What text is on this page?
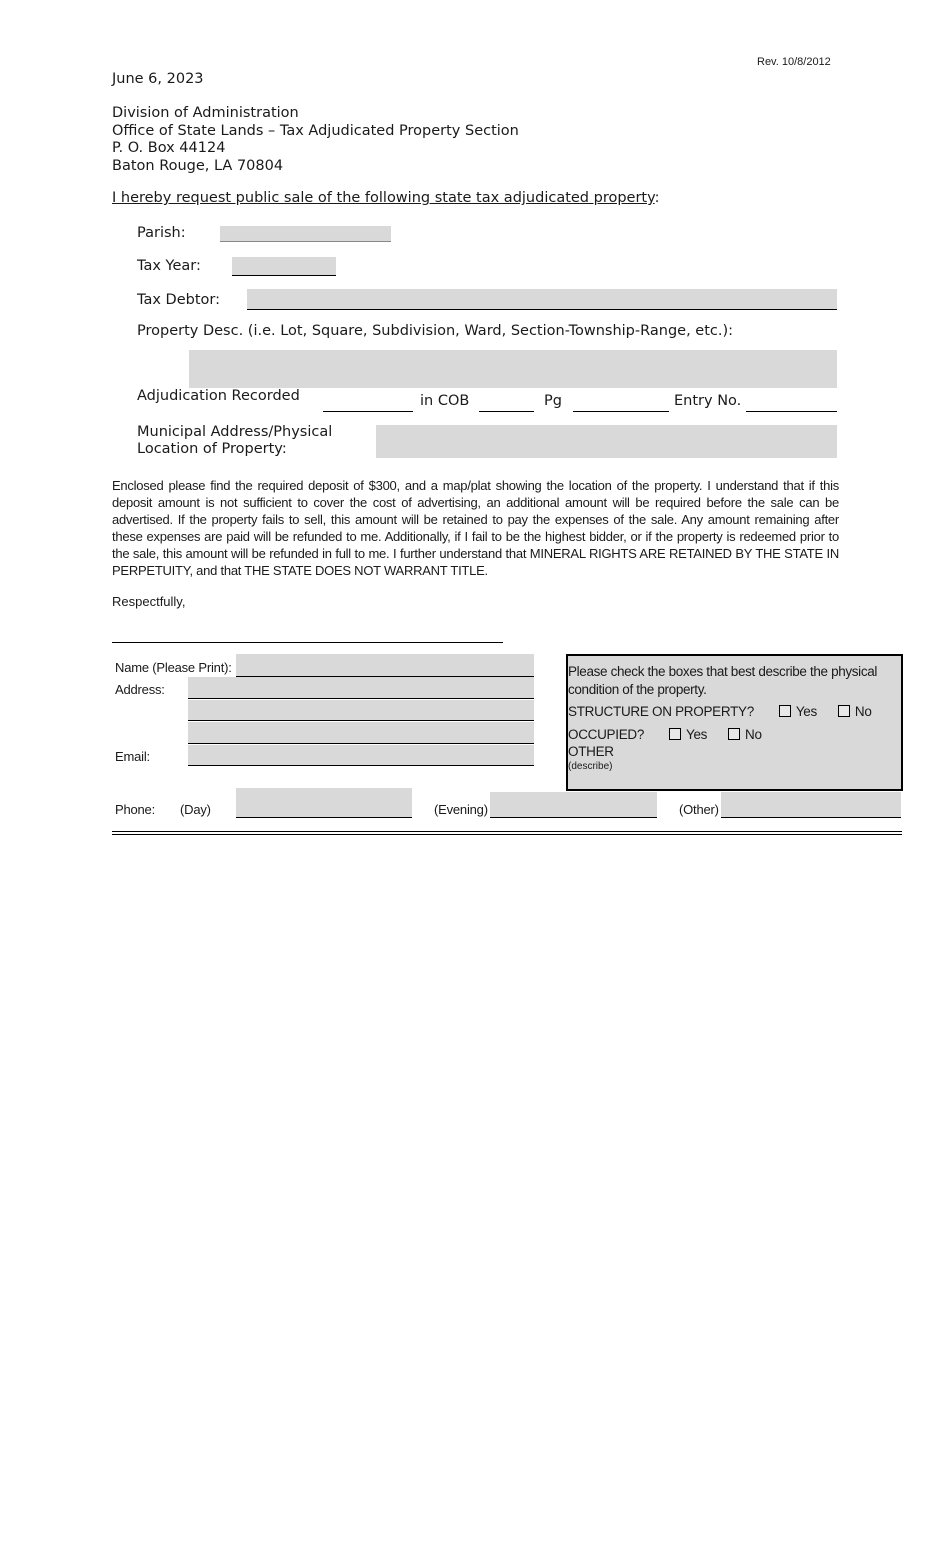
Rev. 10/8/2012
June 6, 2023
Division of Administration
Office of State Lands – Tax Adjudicated Property Section
P. O. Box 44124
Baton Rouge, LA 70804
I hereby request public sale of the following state tax adjudicated property:
Parish:
Tax Year:
Tax Debtor:
Property Desc. (i.e. Lot, Square, Subdivision, Ward, Section-Township-Range, etc.):
Adjudication Recorded	in COB	Pg	Entry No.
Municipal Address/Physical
Location of Property:
Enclosed please find the required deposit of $300, and a map/plat showing the location of the property. I understand that if this deposit amount is not sufficient to cover the cost of advertising, an additional amount will be required before the sale can be advertised. If the property fails to sell, this amount will be retained to pay the expenses of the sale. Any amount remaining after these expenses are paid will be refunded to me. Additionally, if I fail to be the highest bidder, or if the property is redeemed prior to the sale, this amount will be refunded in full to me. I further understand that MINERAL RIGHTS ARE RETAINED BY THE STATE IN PERPETUITY, and that THE STATE DOES NOT WARRANT TITLE.
Respectfully,
Name (Please Print):
Address:
Email:
Phone: (Day)	(Evening)	(Other)
Please check the boxes that best describe the physical condition of the property.
STRUCTURE ON PROPERTY?	Yes	No
OCCUPIED?	Yes	No
OTHER
(describe)
